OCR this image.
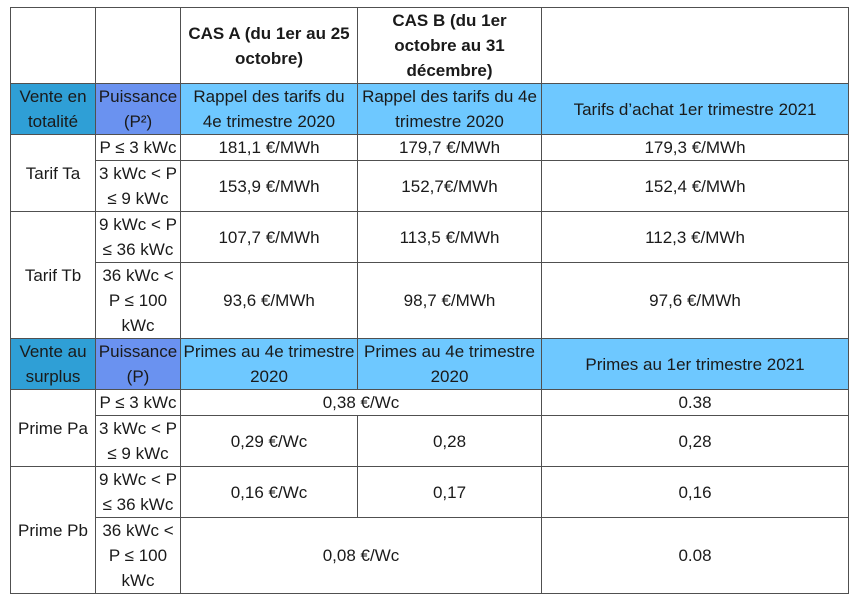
		CAS A (du 1er au 25 octobre)	CAS B (du 1er octobre au 31 décembre)	
Vente en totalité	Puissance (P²)	Rappel des tarifs du 4e trimestre 2020	Rappel des tarifs du 4e trimestre 2020	Tarifs d’achat 1er trimestre 2021
Tarif Ta	P ≤ 3 kWc	181,1 €/MWh	179,7 €/MWh	179,3 €/MWh
	3 kWc < P ≤ 9 kWc	153,9 €/MWh	152,7€/MWh	152,4 €/MWh
Tarif Tb	9 kWc < P ≤ 36 kWc	107,7 €/MWh	113,5 €/MWh	112,3 €/MWh
	36 kWc < P ≤ 100 kWc	93,6 €/MWh	98,7 €/MWh	97,6 €/MWh
Vente au surplus	Puissance (P)	Primes au 4e trimestre 2020	Primes au 4e trimestre 2020	Primes au 1er trimestre 2021
Prime Pa	P ≤ 3 kWc	0,38 €/Wc		0.38
	3 kWc < P ≤ 9 kWc	0,29 €/Wc	0,28	0,28
Prime Pb	9 kWc < P ≤ 36 kWc	0,16 €/Wc	0,17	0,16
	36 kWc < P ≤ 100 kWc	0,08 €/Wc		0.08
